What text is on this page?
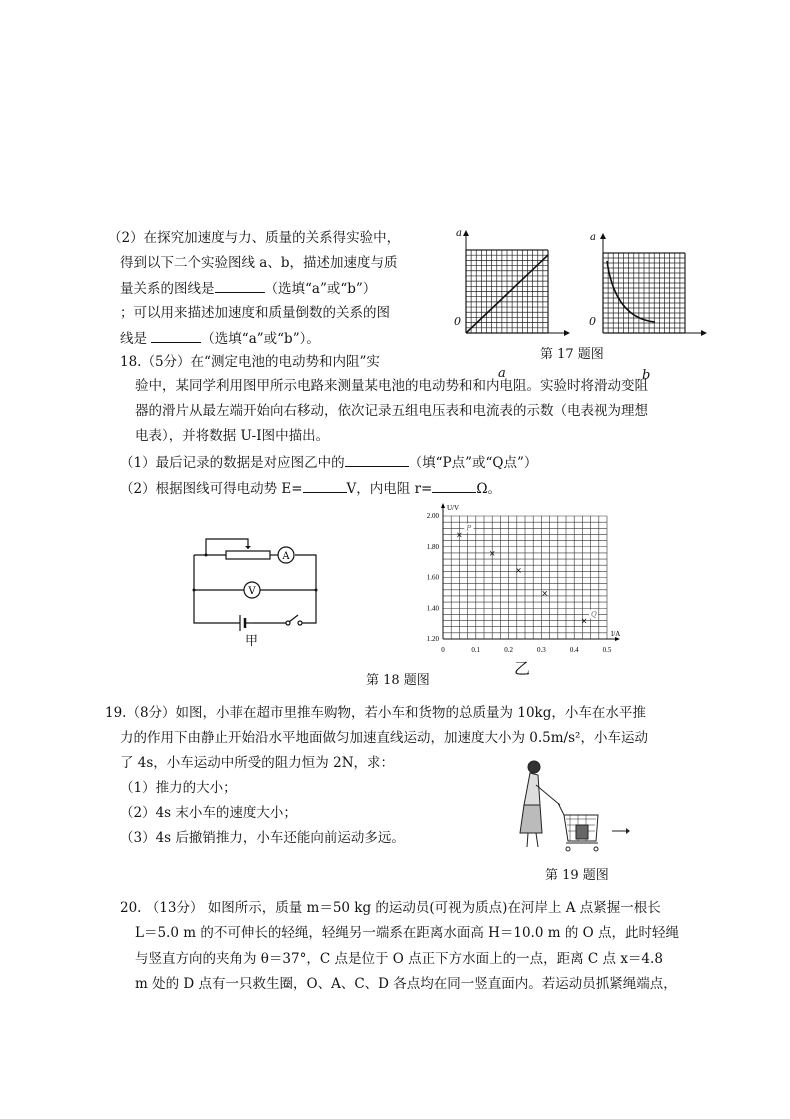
（2）在探究加速度与力、质量的关系得实验中，
得到以下二个实验图线 a、b，描述加速度与质
量关系的图线是	（选填“a”或“b”）
；可以用来描述加速度和质量倒数的关系的图
线是	（选填“a”或“b”）。
0	0
a	a
a	b
第 17 题图
18.（5分）在“测定电池的电动势和内阻”实
验中，某同学利用图甲所示电路来测量某电池的电动势和和内电阻。实验时将滑动变阻
器的滑片从最左端开始向右移动，依次记录五组电压表和电流表的示数（电表视为理想
电表），并将数据 U-I图中描出。
（1）最后记录的数据是对应图乙中的	（填“P点”或“Q点”）
（2）根据图线可得电动势 E=	V，内电阻 r=	Ω。
A
V
甲
U/V
I/A
1.20
1.40
1.60
1.80
2.00
0	0.1	0.2	0.3	0.4	0.5
×
P
×
×
×
×
Q
乙
第 18 题图
19.（8分）如图，小菲在超市里推车购物，若小车和货物的总质量为 10kg，小车在水平推
力的作用下由静止开始沿水平地面做匀加速直线运动，加速度大小为 0.5m/s²，小车运动
了 4s，小车运动中所受的阻力恒为 2N，求：
（1）推力的大小；
（2）4s 末小车的速度大小；
（3）4s 后撤销推力，小车还能向前运动多远。
第 19 题图
20. （13分） 如图所示，质量 m＝50 kg 的运动员(可视为质点)在河岸上 A 点紧握一根长
L＝5.0 m 的不可伸长的轻绳，轻绳另一端系在距离水面高 H＝10.0 m 的 O 点，此时轻绳
与竖直方向的夹角为 θ＝37°，C 点是位于 O 点正下方水面上的一点，距离 C 点 x＝4.8
m 处的 D 点有一只救生圈，O、A、C、D 各点均在同一竖直面内。若运动员抓紧绳端点，
